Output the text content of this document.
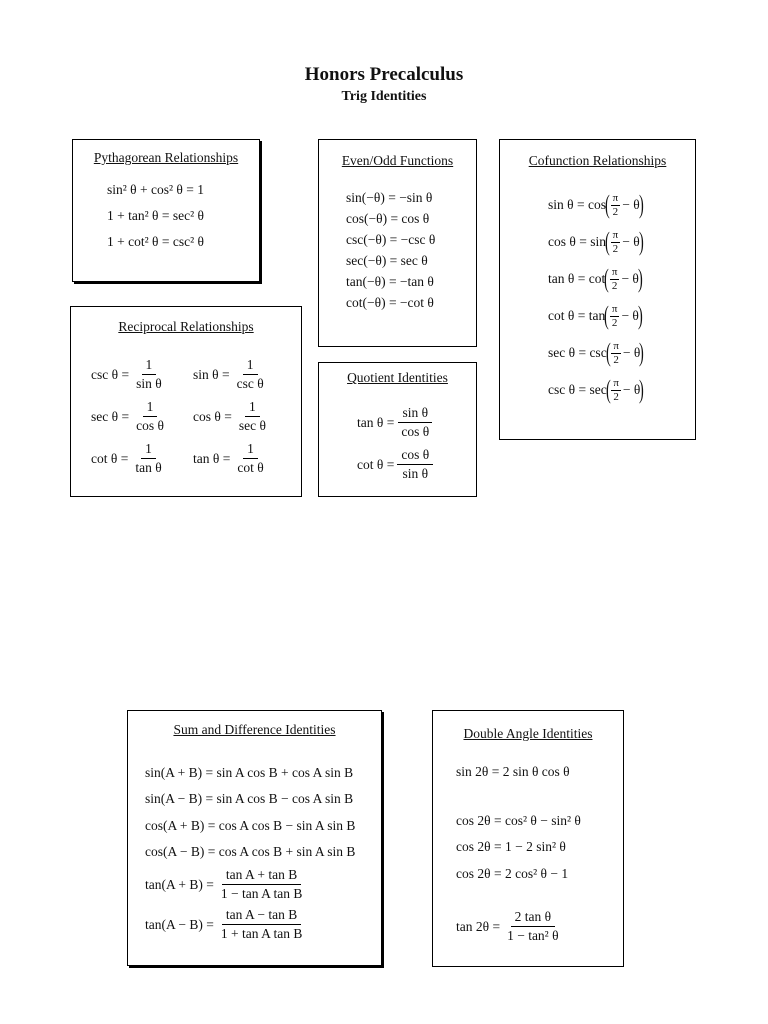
Honors Precalculus
Trig Identities
Pythagorean Relationships
sin² θ + cos² θ = 1
1 + tan² θ = sec² θ
1 + cot² θ = csc² θ
Even/Odd Functions
sin(−θ) = −sin θ
cos(−θ) = cos θ
csc(−θ) = −csc θ
sec(−θ) = sec θ
tan(−θ) = −tan θ
cot(−θ) = −cot θ
Cofunction Relationships
sin θ = cos
( $\frac{\pi}{2} - \theta$
)
cos θ = sin
( $\frac{\pi}{2} - \theta$
)
tan θ = cot
( $\frac{\pi}{2} - \theta$
)
cot θ = tan
( $\frac{\pi}{2} - \theta$
)
sec θ = csc
( $\frac{\pi}{2} - \theta$
)
csc θ = sec
( $\frac{\pi}{2} - \theta$
)
Reciprocal Relationships
$\csc \theta = \frac{1}{\text{sin θ}}$ $\sin \theta = \frac{1}{\text{csc θ}}$
$\sec \theta = \frac{1}{\text{cos θ}}$ $\cos \theta = \frac{1}{\text{sec θ}}$
$\cot \theta = \frac{1}{\text{tan θ}}$ $\tan \theta = \frac{1}{\text{cot θ}}$
Quotient Identities
$\tan \theta = \frac{\text{sin θ}}{\text{cos θ}}$
$\cot \theta = \frac{\text{cos θ}}{\text{sin θ}}$
Sum and Difference Identities
sin(A + B) = sin A cos B + cos A sin B
sin(A − B) = sin A cos B − cos A sin B
cos(A + B) = cos A cos B − sin A sin B
cos(A − B) = cos A cos B + sin A sin B
$\tan(A + B) = \frac{\text{tan A + tan B}}{\text{1 − tan A tan B}}$
$\tan(A - B) = \frac{\text{tan A − tan B}}{\text{1 + tan A tan B}}$
Double Angle Identities
sin 2θ = 2 sin θ cos θ
cos 2θ = cos² θ − sin² θ
cos 2θ = 1 − 2 sin² θ
cos 2θ = 2 cos² θ − 1
$\tan 2\theta = \frac{\text{2 tan θ}}{\text{1 − tan² θ}}$
